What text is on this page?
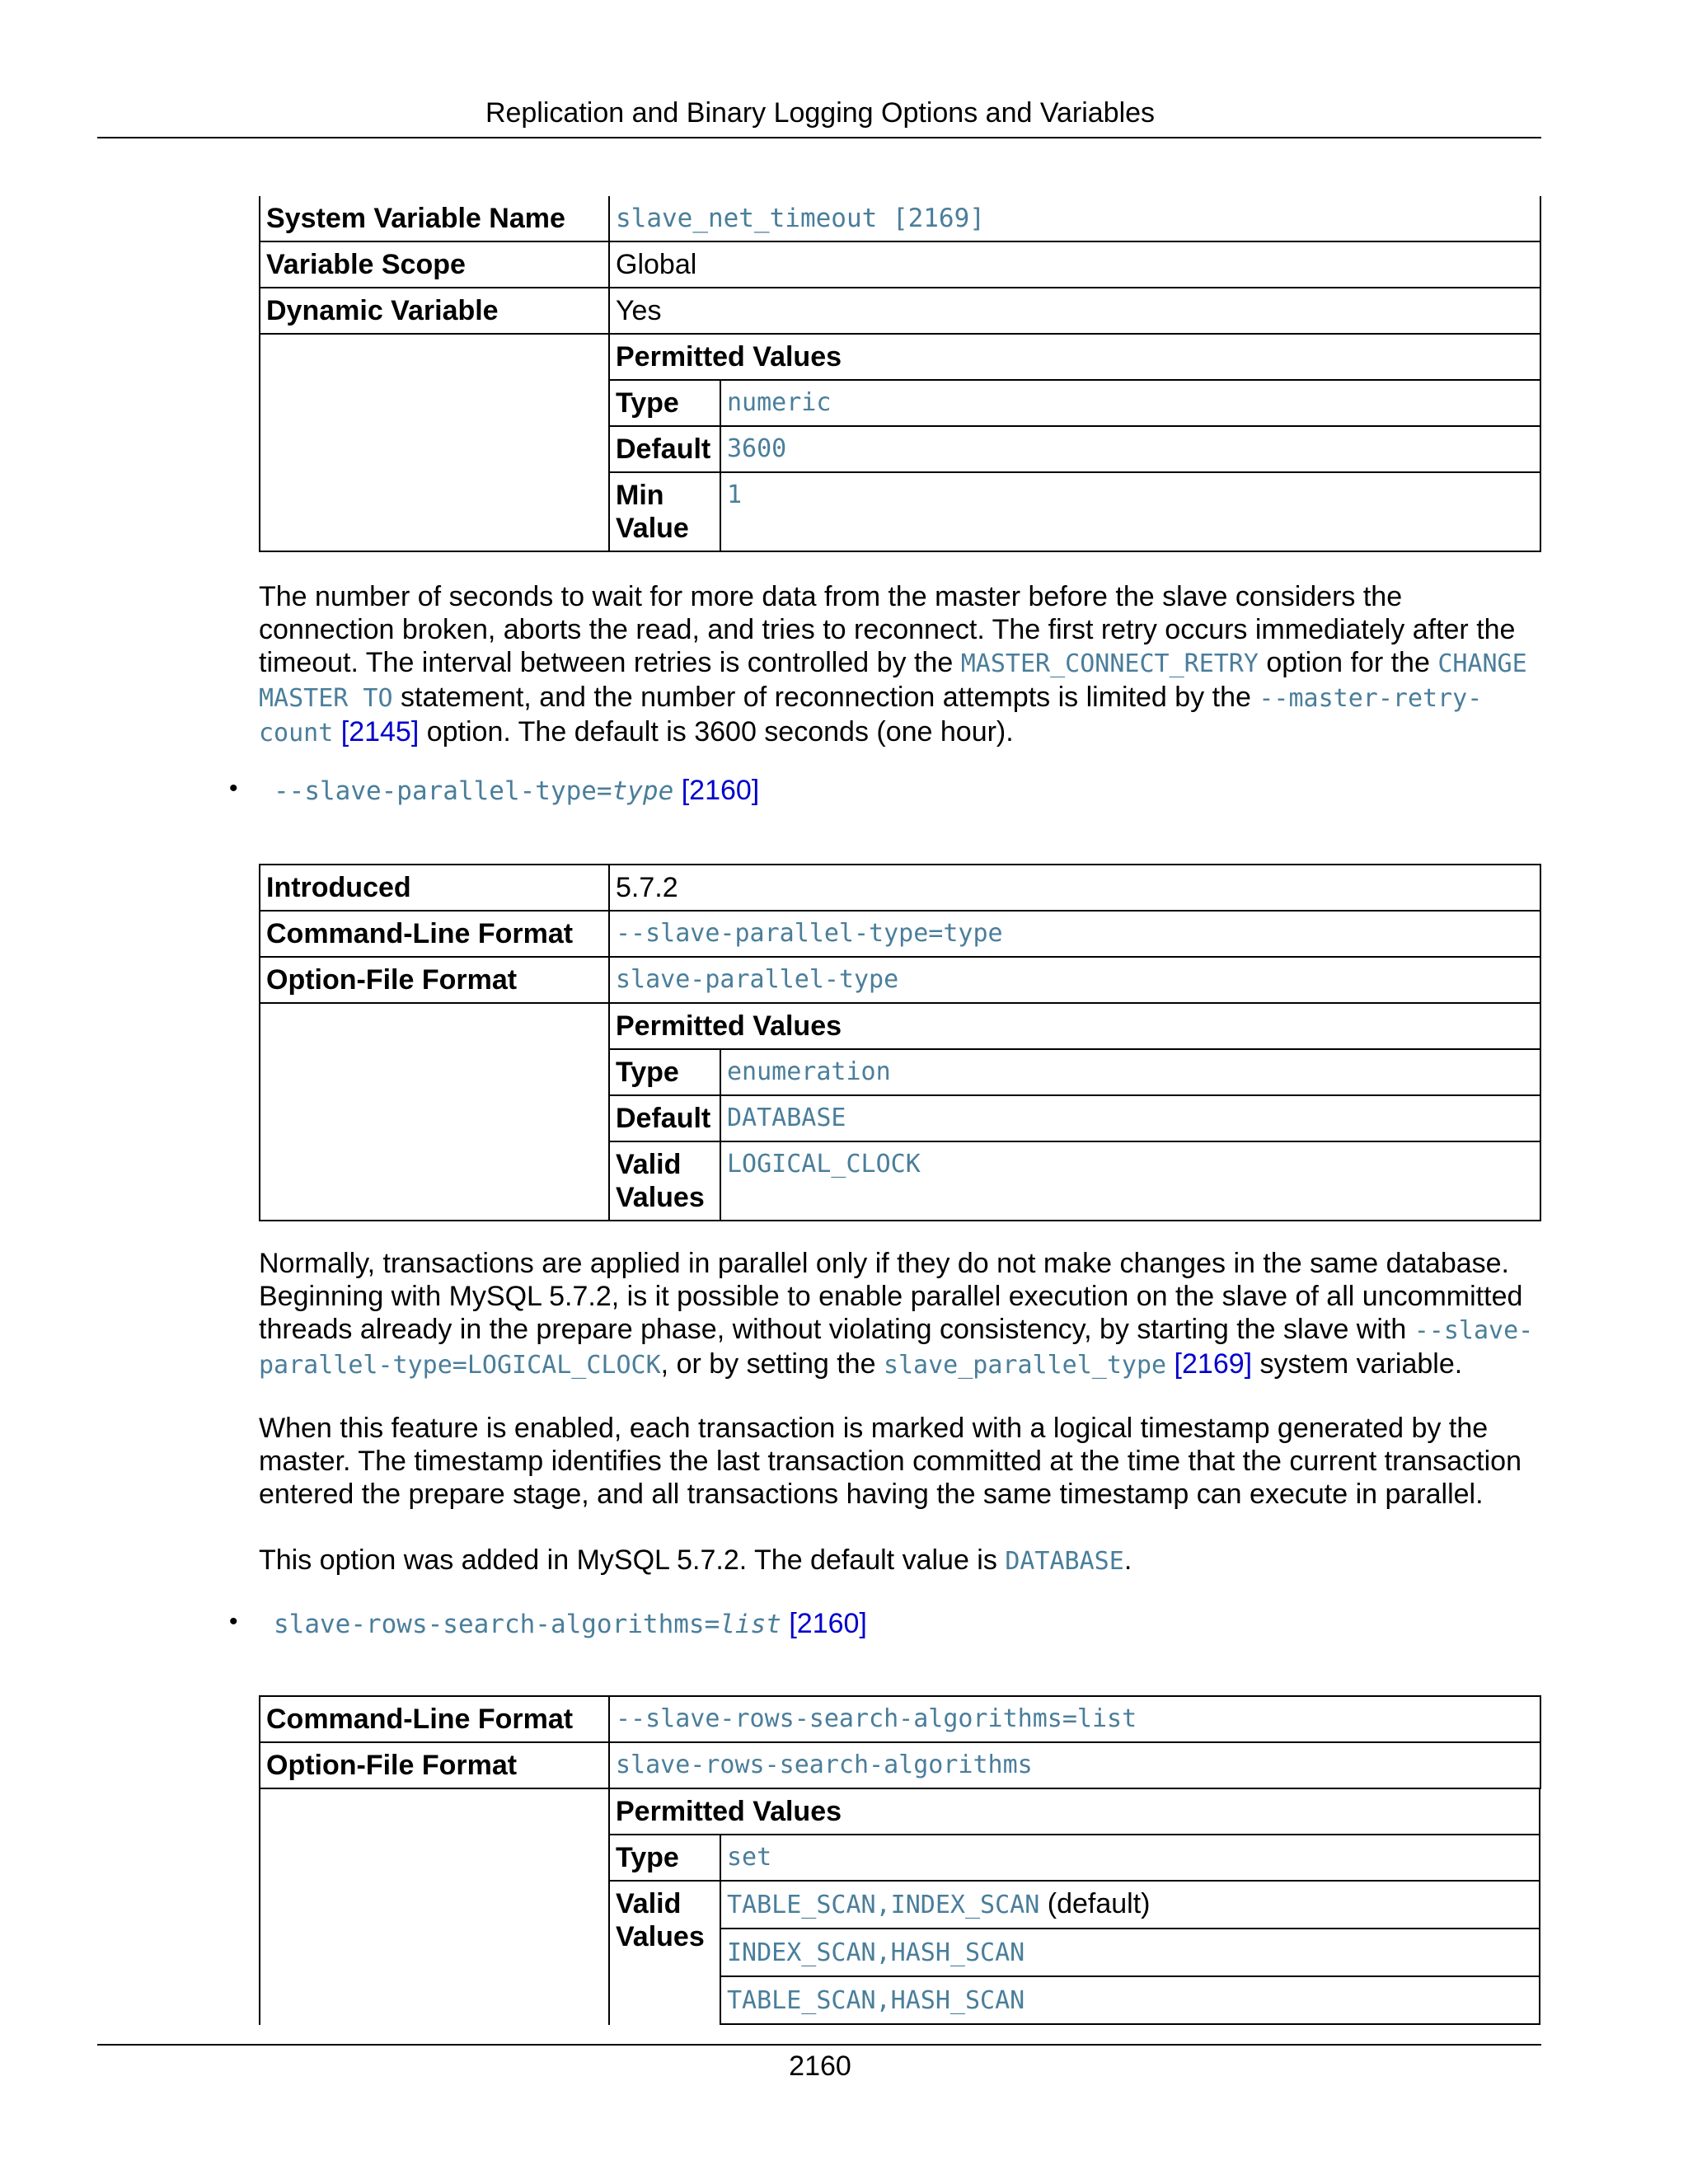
Replication and Binary Logging Options and Variables
System Variable Name	slave_net_timeout [2169]
Variable Scope	Global
Dynamic Variable	Yes

Permitted Values
Type	numeric
Default	3600
Min Value	1
The number of seconds to wait for more data from the master before the slave considers the connection broken, aborts the read, and tries to reconnect. The first retry occurs immediately after the timeout. The interval between retries is controlled by the MASTER_CONNECT_RETRY option for the CHANGE MASTER TO statement, and the number of reconnection attempts is limited by the --master-retry-count [2145] option. The default is 3600 seconds (one hour).
• --slave-parallel-type=type [2160]
Introduced	5.7.2
Command-Line Format	--slave-parallel-type=type
Option-File Format	slave-parallel-type

Permitted Values
Type	enumeration
Default	DATABASE
Valid Values	LOGICAL_CLOCK
Normally, transactions are applied in parallel only if they do not make changes in the same database. Beginning with MySQL 5.7.2, is it possible to enable parallel execution on the slave of all uncommitted threads already in the prepare phase, without violating consistency, by starting the slave with --slave-parallel-type=LOGICAL_CLOCK, or by setting the slave_parallel_type [2169] system variable.
When this feature is enabled, each transaction is marked with a logical timestamp generated by the master. The timestamp identifies the last transaction committed at the time that the current transaction entered the prepare stage, and all transactions having the same timestamp can execute in parallel.
This option was added in MySQL 5.7.2. The default value is DATABASE.
• slave-rows-search-algorithms=list [2160]
Command-Line Format	--slave-rows-search-algorithms=list
Option-File Format	slave-rows-search-algorithms

Permitted Values
Type	set
Valid Values	TABLE_SCAN,INDEX_SCAN (default)
INDEX_SCAN,HASH_SCAN
TABLE_SCAN,HASH_SCAN
2160
